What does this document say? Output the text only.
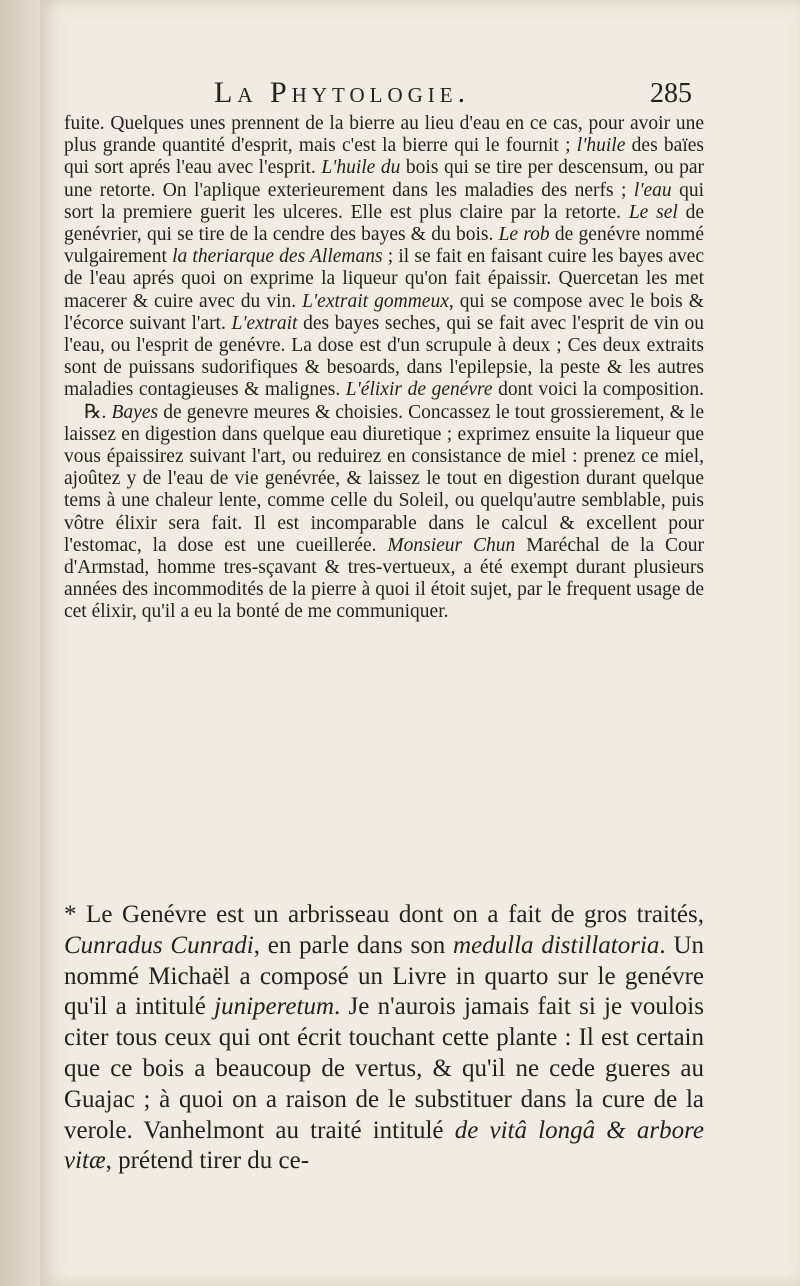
La Phytologie.	285

fuite. Quelques unes prennent de la bierre au lieu d'eau en ce cas, pour avoir une plus grande quantité d'esprit, mais c'est la bierre qui le fournit ; l'huile des baïes qui sort aprés l'eau avec l'esprit. L'huile du bois qui se tire per descensum, ou par une retorte. On l'aplique exterieurement dans les maladies des nerfs ; l'eau qui sort la premiere guerit les ulceres. Elle est plus claire par la retorte. Le sel de genévrier, qui se tire de la cendre des bayes & du bois. Le rob de genévre nommé vulgairement la theriarque des Allemans ; il se fait en faisant cuire les bayes avec de l'eau aprés quoi on exprime la liqueur qu'on fait épaissir. Quercetan les met macerer & cuire avec du vin. L'extrait gommeux, qui se compose avec le bois & l'écorce suivant l'art. L'extrait des bayes seches, qui se fait avec l'esprit de vin ou l'eau, ou l'esprit de genévre. La dose est d'un scrupule à deux ; Ces deux extraits sont de puissans sudorifiques & besoards, dans l'epilepsie, la peste & les autres maladies contagieuses & malignes. L'élixir de genévre dont voici la composition.

℞. Bayes de genevre meures & choisies. Concassez le tout grossierement, & le laissez en digestion dans quelque eau diuretique ; exprimez ensuite la liqueur que vous épaissirez suivant l'art, ou reduirez en consistance de miel : prenez ce miel, ajoûtez y de l'eau de vie genévrée, & laissez le tout en digestion durant quelque tems à une chaleur lente, comme celle du Soleil, ou quelqu'autre semblable, puis vôtre élixir sera fait. Il est incomparable dans le calcul & excellent pour l'estomac, la dose est une cueillerée. Monsieur Chun Maréchal de la Cour d'Armstad, homme tres-sçavant & tres-vertueux, a été exempt durant plusieurs années des incommodités de la pierre à quoi il étoit sujet, par le frequent usage de cet élixir, qu'il a eu la bonté de me communiquer.

* Le Genévre est un arbrisseau dont on a fait de gros traités, Cunradus Cunradi, en parle dans son medulla distillatoria. Un nommé Michaël a composé un Livre in quarto sur le genévre qu'il a intitulé juniperetum. Je n'aurois jamais fait si je voulois citer tous ceux qui ont écrit touchant cette plante : Il est certain que ce bois a beaucoup de vertus, & qu'il ne cede gueres au Guajac ; à quoi on a raison de le substituer dans la cure de la verole. Vanhelmont au traité intitulé de vitâ longâ & arbore vitæ, prétend tirer du ce-
